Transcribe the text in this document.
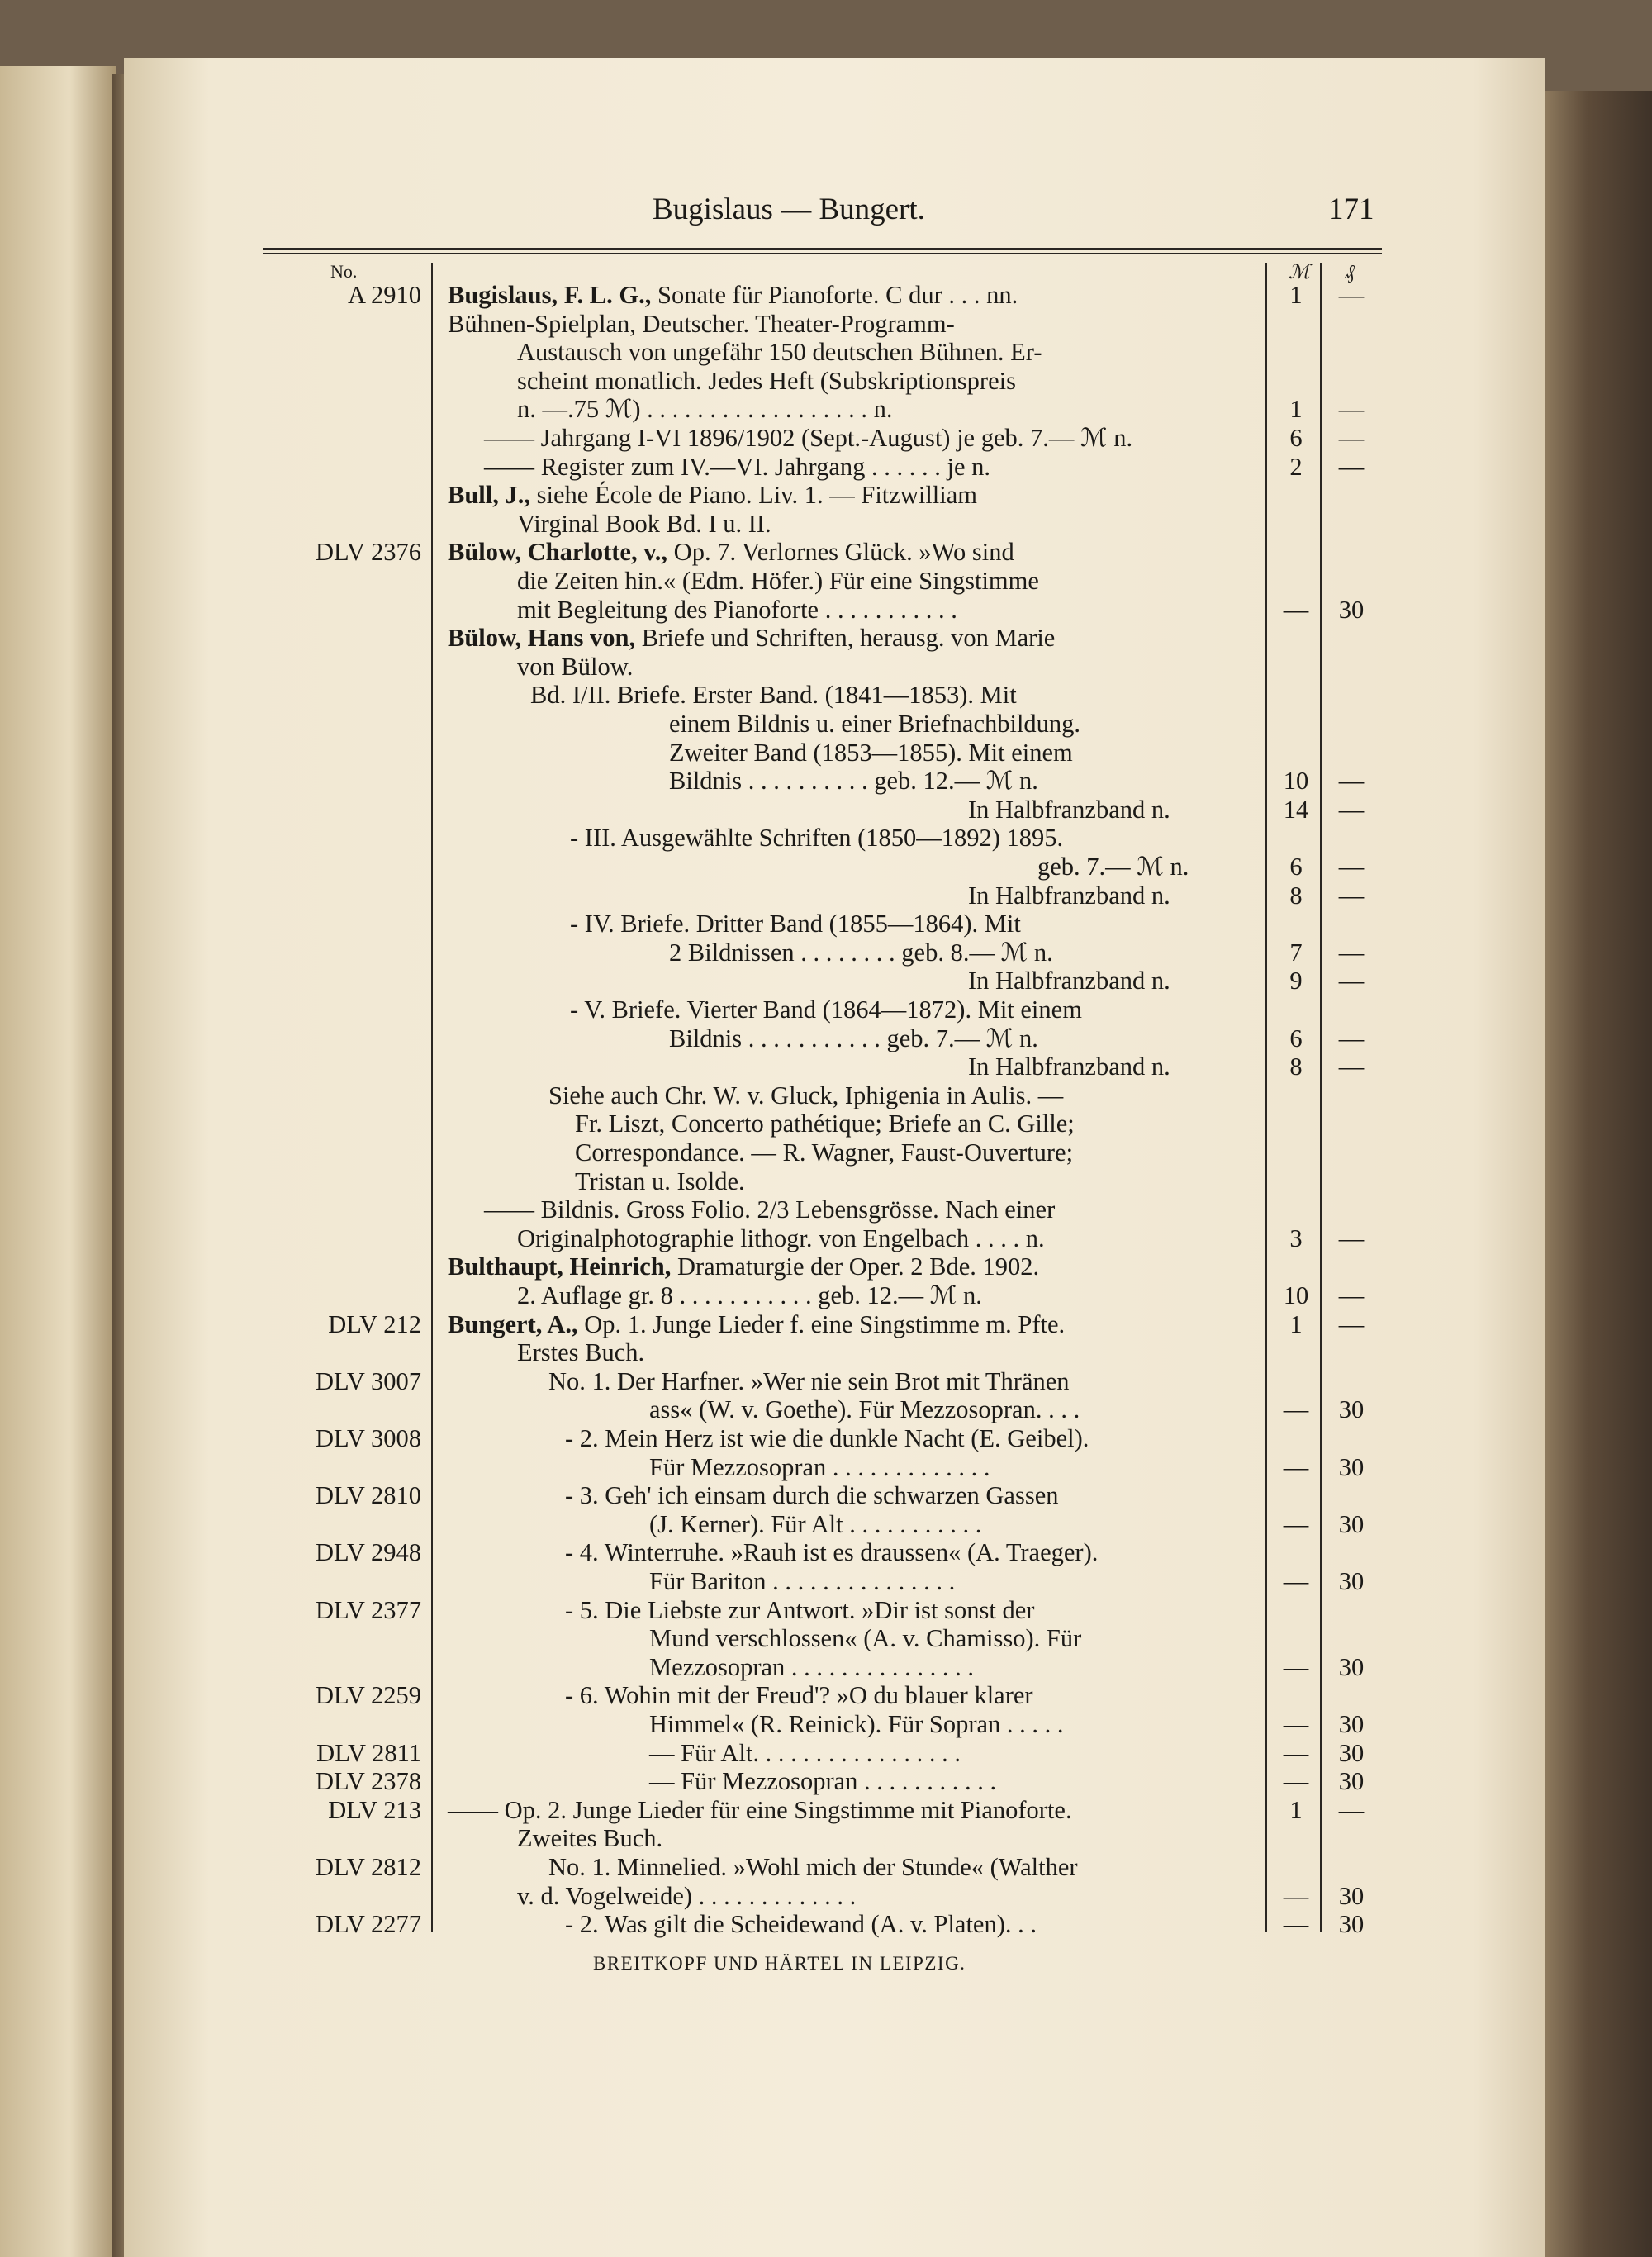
Bugislaus — Bungert.	171
No.	ℳ ₰
A 2910 Bugislaus, F. L. G., Sonate für Pianoforte. C dur . . . nn.	1	—
Bühnen-Spielplan, Deutscher. Theater-Programm-
Austausch von ungefähr 150 deutschen Bühnen. Er-
scheint monatlich. Jedes Heft (Subskriptionspreis
n. —.75 ℳ) . . . . . . . . . . . . . . . . . . n.	1	—
—— Jahrgang I-VI 1896/1902 (Sept.-August) je geb. 7.— ℳ n.	6	—
—— Register zum IV.—VI. Jahrgang . . . . . . je n.	2	—
Bull, J., siehe École de Piano. Liv. 1. — Fitzwilliam
Virginal Book Bd. I u. II.
DLV 2376 Bülow, Charlotte, v., Op. 7. Verlornes Glück. »Wo sind
die Zeiten hin.« (Edm. Höfer.) Für eine Singstimme
mit Begleitung des Pianoforte . . . . . . . . . . .	—	30
Bülow, Hans von, Briefe und Schriften, herausg. von Marie
von Bülow.
Bd. I/II. Briefe. Erster Band. (1841—1853). Mit
einem Bildnis u. einer Briefnachbildung.
Zweiter Band (1853—1855). Mit einem
Bildnis . . . . . . . . . . geb. 12.— ℳ n.	10	—
In Halbfranzband n.	14	—
- III. Ausgewählte Schriften (1850—1892) 1895.
geb. 7.— ℳ n.	6	—
In Halbfranzband n.	8	—
- IV. Briefe. Dritter Band (1855—1864). Mit
2 Bildnissen . . . . . . . . geb. 8.— ℳ n.	7	—
In Halbfranzband n.	9	—
- V. Briefe. Vierter Band (1864—1872). Mit einem
Bildnis . . . . . . . . . . . geb. 7.— ℳ n.	6	—
In Halbfranzband n.	8	—
Siehe auch Chr. W. v. Gluck, Iphigenia in Aulis. —
Fr. Liszt, Concerto pathétique; Briefe an C. Gille;
Correspondance. — R. Wagner, Faust-Ouverture;
Tristan u. Isolde.
—— Bildnis. Gross Folio. 2/3 Lebensgrösse. Nach einer
Originalphotographie lithogr. von Engelbach . . . . n.	3	—
Bulthaupt, Heinrich, Dramaturgie der Oper. 2 Bde. 1902.
2. Auflage gr. 8 . . . . . . . . . . . geb. 12.— ℳ n.	10	—
DLV 212 Bungert, A., Op. 1. Junge Lieder f. eine Singstimme m. Pfte.	1	—
Erstes Buch.
DLV 3007	No. 1. Der Harfner. »Wer nie sein Brot mit Thränen
ass« (W. v. Goethe). Für Mezzosopran. . . .	—	30
DLV 3008	- 2. Mein Herz ist wie die dunkle Nacht (E. Geibel).
Für Mezzosopran . . . . . . . . . . . . .	—	30
DLV 2810	- 3. Geh' ich einsam durch die schwarzen Gassen
(J. Kerner). Für Alt . . . . . . . . . . .	—	30
DLV 2948	- 4. Winterruhe. »Rauh ist es draussen« (A. Traeger).
Für Bariton . . . . . . . . . . . . . . .	—	30
DLV 2377	- 5. Die Liebste zur Antwort. »Dir ist sonst der
Mund verschlossen« (A. v. Chamisso). Für
Mezzosopran . . . . . . . . . . . . . . .	—	30
DLV 2259	- 6. Wohin mit der Freud'? »O du blauer klarer
Himmel« (R. Reinick). Für Sopran . . . . .	—	30
DLV 2811	— Für Alt. . . . . . . . . . . . . . . . .	—	30
DLV 2378	— Für Mezzosopran . . . . . . . . . . .	—	30
DLV 213 —— Op. 2. Junge Lieder für eine Singstimme mit Pianoforte.	1	—
Zweites Buch.
DLV 2812	No. 1. Minnelied. »Wohl mich der Stunde« (Walther
v. d. Vogelweide) . . . . . . . . . . . . .	—	30
DLV 2277	- 2. Was gilt die Scheidewand (A. v. Platen). . .	—	30
BREITKOPF UND HÄRTEL IN LEIPZIG.
